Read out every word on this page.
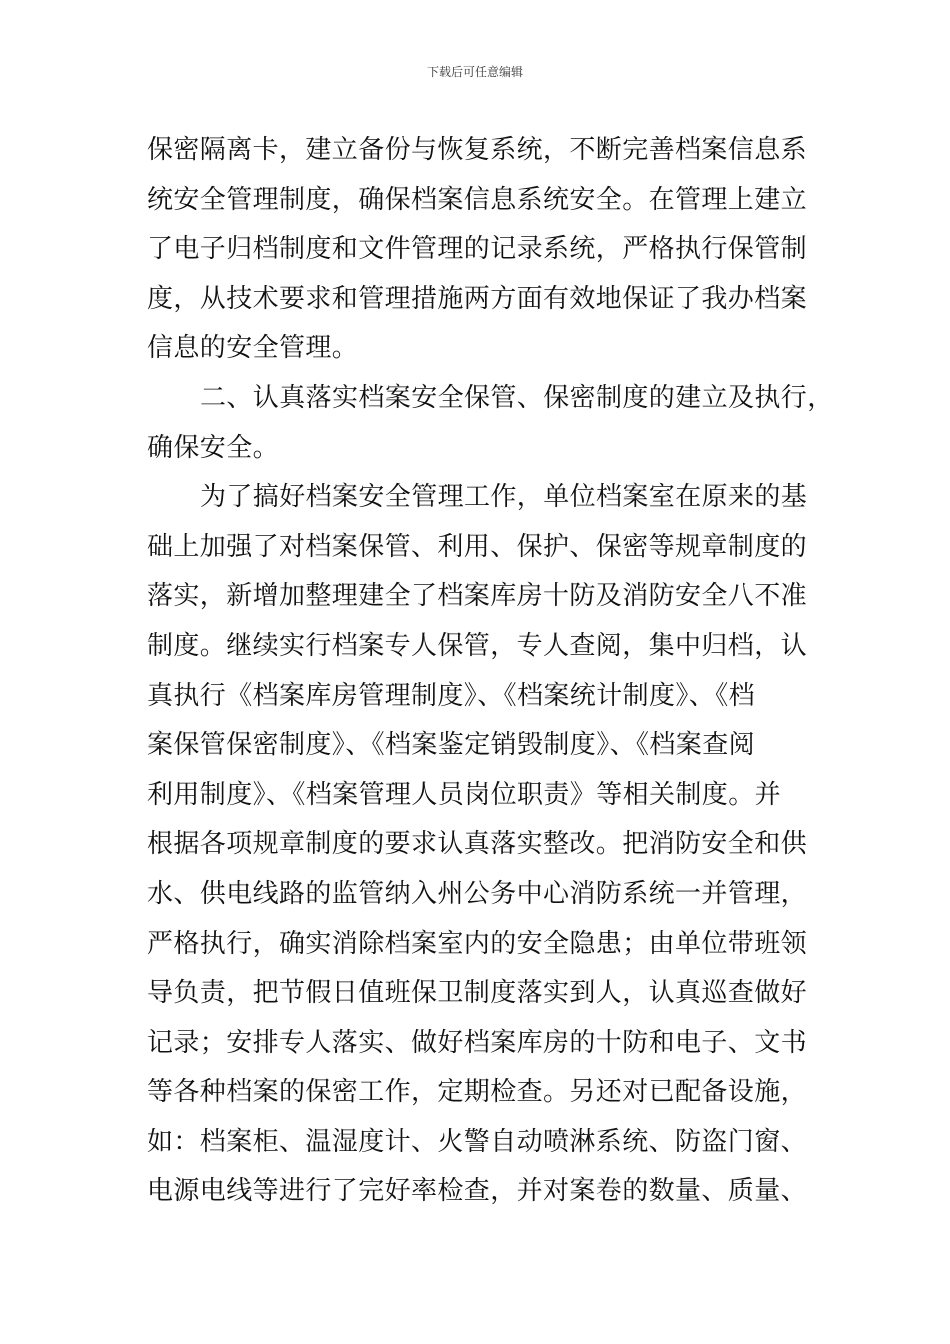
下载后可任意编辑
保密隔离卡，建立备份与恢复系统，不断完善档案信息系
统安全管理制度，确保档案信息系统安全。在管理上建立
了电子归档制度和文件管理的记录系统，严格执行保管制
度，从技术要求和管理措施两方面有效地保证了我办档案
信息的安全管理。
二、认真落实档案安全保管、保密制度的建立及执行，
确保安全。
为了搞好档案安全管理工作，单位档案室在原来的基
础上加强了对档案保管、利用、保护、保密等规章制度的
落实，新增加整理建全了档案库房十防及消防安全八不准
制度。继续实行档案专人保管，专人查阅，集中归档，认
真执行《档案库房管理制度》、《档案统计制度》、《档
案保管保密制度》、《档案鉴定销毁制度》、《档案查阅
利用制度》、《档案管理人员岗位职责》等相关制度。并
根据各项规章制度的要求认真落实整改。把消防安全和供
水、供电线路的监管纳入州公务中心消防系统一并管理，
严格执行，确实消除档案室内的安全隐患；由单位带班领
导负责，把节假日值班保卫制度落实到人，认真巡查做好
记录；安排专人落实、做好档案库房的十防和电子、文书
等各种档案的保密工作，定期检查。另还对已配备设施，
如：档案柜、温湿度计、火警自动喷淋系统、防盗门窗、
电源电线等进行了完好率检查，并对案卷的数量、质量、
